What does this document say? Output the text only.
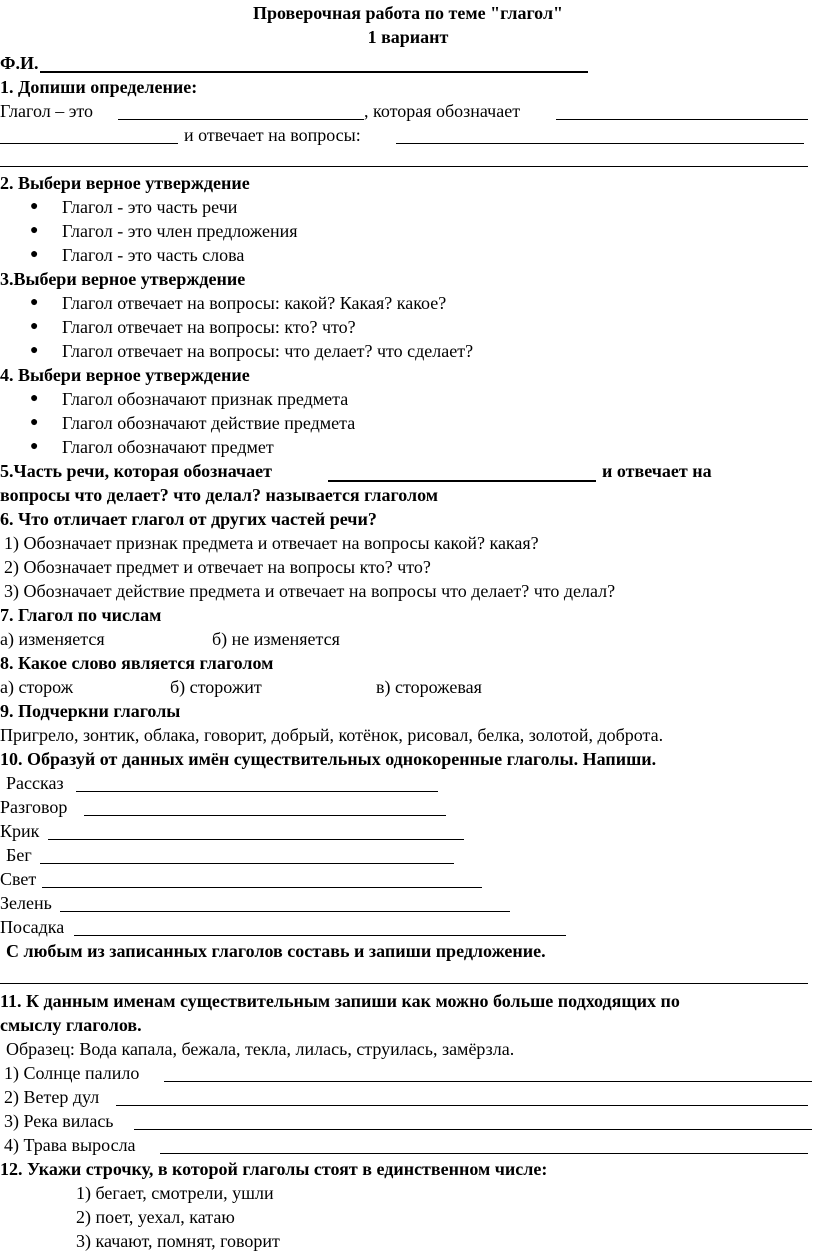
Проверочная работа по теме "глагол"
1 вариант
Ф.И.
1. Допиши определение:
Глагол – это	, которая обозначает
и отвечает на вопросы:
2. Выбери верное утверждение
● Глагол - это часть речи
● Глагол - это член предложения
● Глагол - это часть слова
3.Выбери верное утверждение
● Глагол отвечает на вопросы: какой? Какая? какое?
● Глагол отвечает на вопросы: кто? что?
● Глагол отвечает на вопросы: что делает? что сделает?
4. Выбери верное утверждение
● Глагол обозначают признак предмета
● Глагол обозначают действие предмета
● Глагол обозначают предмет
5.Часть речи, которая обозначает	и отвечает на
вопросы что делает? что делал? называется глаголом
6. Что отличает глагол от других частей речи?
1) Обозначает признак предмета и отвечает на вопросы какой? какая?
2) Обозначает предмет и отвечает на вопросы кто? что?
3) Обозначает действие предмета и отвечает на вопросы что делает? что делал?
7. Глагол по числам
а) изменяется	б) не изменяется
8. Какое слово является глаголом
а) сторож	б) сторожит	в) сторожевая
9. Подчеркни глаголы
Пригрело, зонтик, облака, говорит, добрый, котёнок, рисовал, белка, золотой, доброта.
10. Образуй от данных имён существительных однокоренные глаголы. Напиши.
Рассказ
Разговор
Крик
Бег
Свет
Зелень
Посадка
С любым из записанных глаголов составь и запиши предложение.
11. К данным именам существительным запиши как можно больше подходящих по
смыслу глаголов.
Образец: Вода капала, бежала, текла, лилась, струилась, замёрзла.
1) Солнце палило
2) Ветер дул
3) Река вилась
4) Трава выросла
12. Укажи строчку, в которой глаголы стоят в единственном числе:
1) бегает, смотрели, ушли
2) поет, уехал, катаю
3) качают, помнят, говорит
